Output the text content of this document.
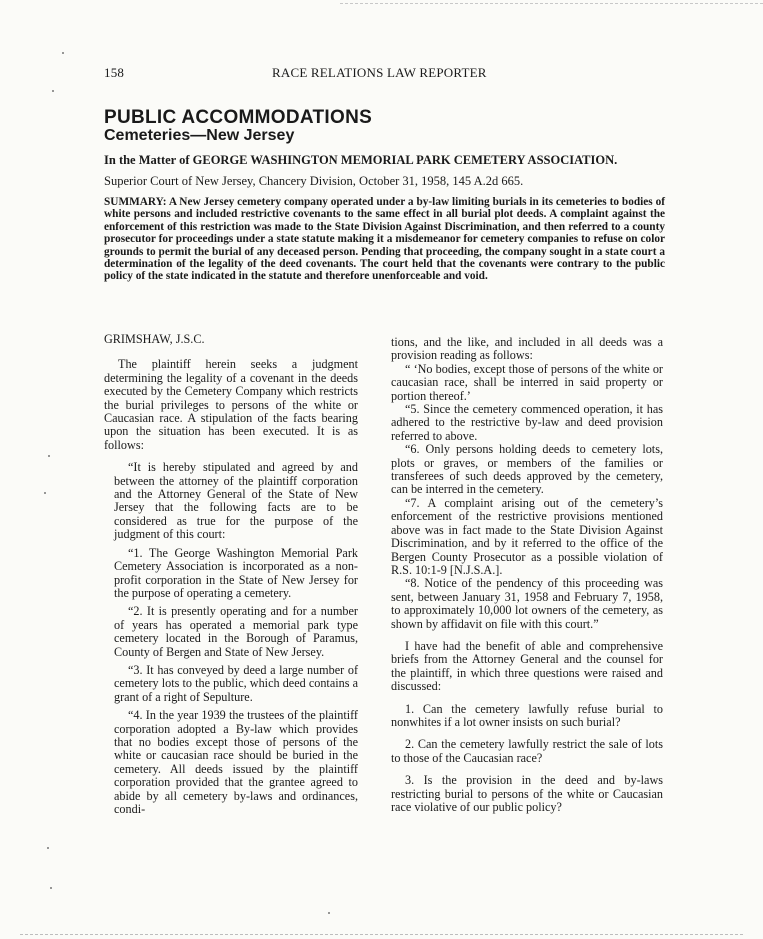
158	RACE RELATIONS LAW REPORTER
PUBLIC ACCOMMODATIONS
Cemeteries—New Jersey
In the Matter of GEORGE WASHINGTON MEMORIAL PARK CEMETERY ASSOCIATION.
Superior Court of New Jersey, Chancery Division, October 31, 1958, 145 A.2d 665.
SUMMARY: A New Jersey cemetery company operated under a by-law limiting burials in its cemeteries to bodies of white persons and included restrictive covenants to the same effect in all burial plot deeds. A complaint against the enforcement of this restriction was made to the State Division Against Discrimination, and then referred to a county prosecutor for proceedings under a state statute making it a misdemeanor for cemetery companies to refuse on color grounds to permit the burial of any deceased person. Pending that proceeding, the company sought in a state court a determination of the legality of the deed covenants. The court held that the covenants were contrary to the public policy of the state indicated in the statute and therefore unenforceable and void.

GRIMSHAW, J.S.C.

The plaintiff herein seeks a judgment determining the legality of a covenant in the deeds executed by the Cemetery Company which restricts the burial privileges to persons of the white or Caucasian race. A stipulation of the facts bearing upon the situation has been executed. It is as follows:

“It is hereby stipulated and agreed by and between the attorney of the plaintiff corporation and the Attorney General of the State of New Jersey that the following facts are to be considered as true for the purpose of the judgment of this court:

“1. The George Washington Memorial Park Cemetery Association is incorporated as a non-profit corporation in the State of New Jersey for the purpose of operating a cemetery.

“2. It is presently operating and for a number of years has operated a memorial park type cemetery located in the Borough of Paramus, County of Bergen and State of New Jersey.

“3. It has conveyed by deed a large number of cemetery lots to the public, which deed contains a grant of a right of Sepulture.

“4. In the year 1939 the trustees of the plaintiff corporation adopted a By-law which provides that no bodies except those of persons of the white or caucasian race should be buried in the cemetery. All deeds issued by the plaintiff corporation provided that the grantee agreed to abide by all cemetery by-laws and ordinances, condi-

tions, and the like, and included in all deeds was a provision reading as follows:

“ ‘No bodies, except those of persons of the white or caucasian race, shall be interred in said property or portion thereof.’

“5. Since the cemetery commenced operation, it has adhered to the restrictive by-law and deed provision referred to above.

“6. Only persons holding deeds to cemetery lots, plots or graves, or members of the families or transferees of such deeds approved by the cemetery, can be interred in the cemetery.

“7. A complaint arising out of the cemetery’s enforcement of the restrictive provisions mentioned above was in fact made to the State Division Against Discrimination, and by it referred to the office of the Bergen County Prosecutor as a possible violation of R.S. 10:1-9 [N.J.S.A.].

“8. Notice of the pendency of this proceeding was sent, between January 31, 1958 and February 7, 1958, to approximately 10,000 lot owners of the cemetery, as shown by affidavit on file with this court.”

I have had the benefit of able and comprehensive briefs from the Attorney General and the counsel for the plaintiff, in which three questions were raised and discussed:

1. Can the cemetery lawfully refuse burial to nonwhites if a lot owner insists on such burial?

2. Can the cemetery lawfully restrict the sale of lots to those of the Caucasian race?

3. Is the provision in the deed and by-laws restricting burial to persons of the white or Caucasian race violative of our public policy?
